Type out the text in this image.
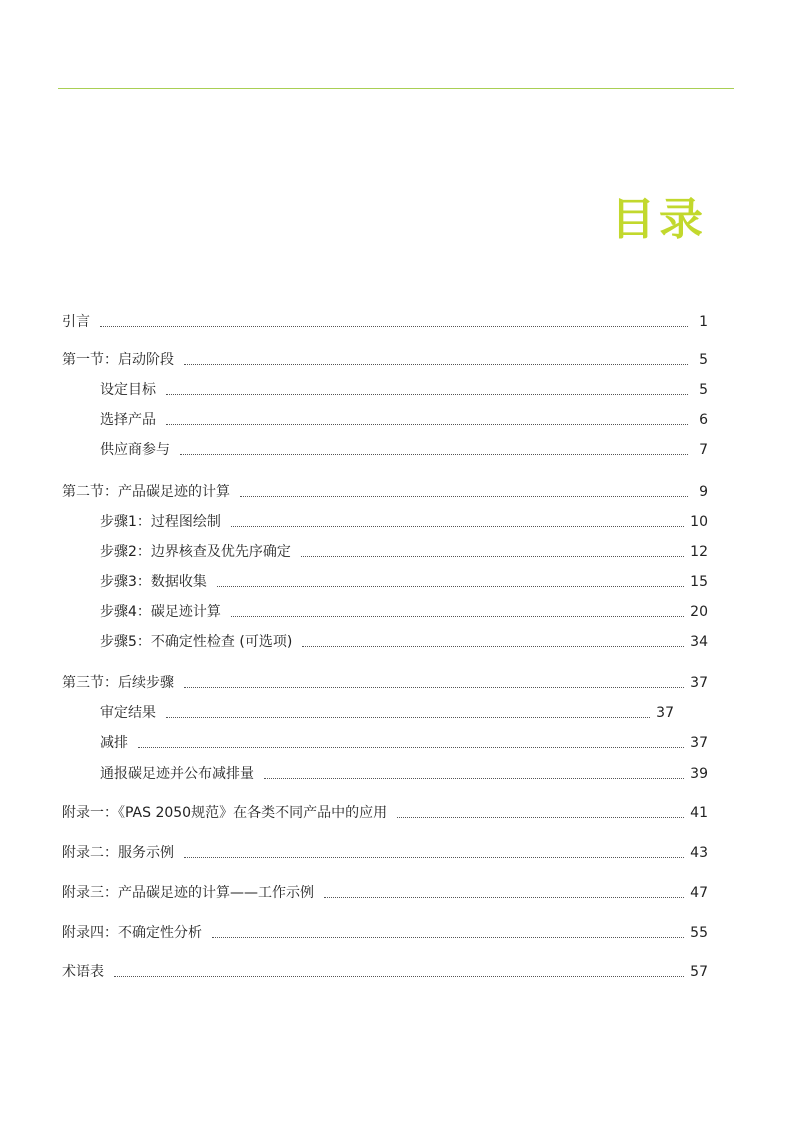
目录
引言	1
第一节：启动阶段	5
设定目标	5
选择产品	6
供应商参与	7
第二节：产品碳足迹的计算	9
步骤1：过程图绘制	10
步骤2：边界核查及优先序确定	12
步骤3：数据收集	15
步骤4：碳足迹计算	20
步骤5：不确定性检查 (可选项)	34
第三节：后续步骤	37
审定结果	37
减排	37
通报碳足迹并公布减排量	39
附录一：《PAS 2050规范》在各类不同产品中的应用	41
附录二：服务示例	43
附录三：产品碳足迹的计算——工作示例	47
附录四：不确定性分析	55
术语表	57
